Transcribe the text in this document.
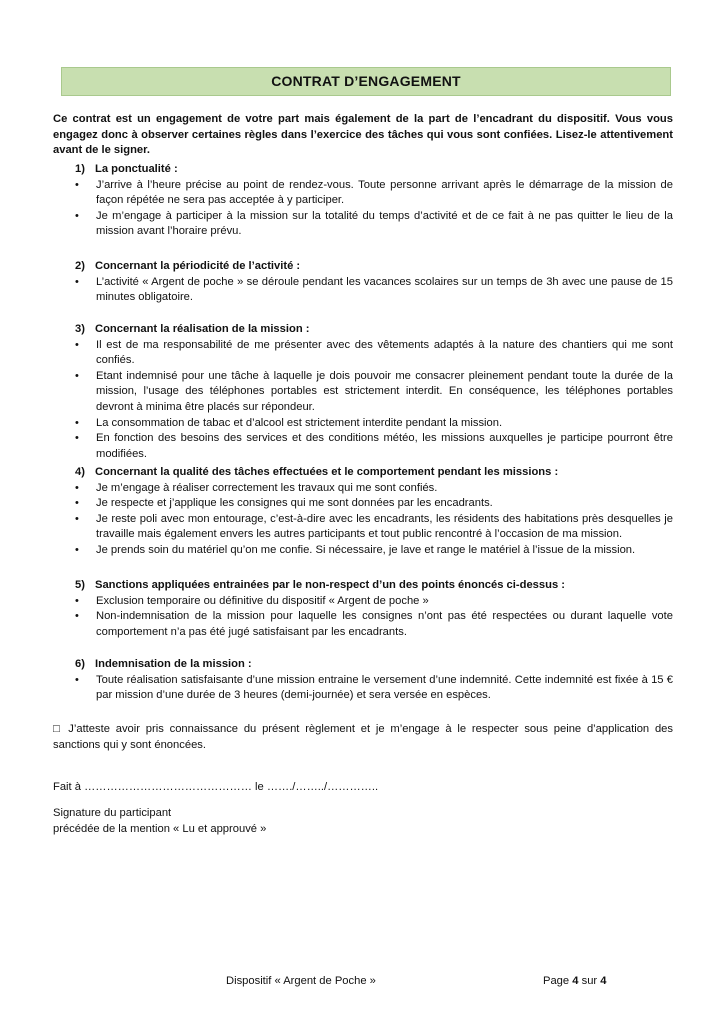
CONTRAT D’ENGAGEMENT

Ce contrat est un engagement de votre part mais également de la part de l’encadrant du dispositif. Vous vous engagez donc à observer certaines règles dans l’exercice des tâches qui vous sont confiées. Lisez-le attentivement avant de le signer.

1) La ponctualité :
•	J’arrive à l’heure précise au point de rendez-vous. Toute personne arrivant après le démarrage de la mission de façon répétée ne sera pas acceptée à y participer.
•	Je m’engage à participer à la mission sur la totalité du temps d’activité et de ce fait à ne pas quitter le lieu de la mission avant l’horaire prévu.
2) Concernant la périodicité de l’activité :
•	L’activité « Argent de poche » se déroule pendant les vacances scolaires sur un temps de 3h avec une pause de 15 minutes obligatoire.
3) Concernant la réalisation de la mission :
•	Il est de ma responsabilité de me présenter avec des vêtements adaptés à la nature des chantiers qui me sont confiés.
•	Etant indemnisé pour une tâche à laquelle je dois pouvoir me consacrer pleinement pendant toute la durée de la mission, l’usage des téléphones portables est strictement interdit. En conséquence, les téléphones portables devront à minima être placés sur répondeur.
•	La consommation de tabac et d’alcool est strictement interdite pendant la mission.
•	En fonction des besoins des services et des conditions météo, les missions auxquelles je participe pourront être modifiées.
4) Concernant la qualité des tâches effectuées et le comportement pendant les missions :
•	Je m’engage à réaliser correctement les travaux qui me sont confiés.
•	Je respecte et j’applique les consignes qui me sont données par les encadrants.
•	Je reste poli avec mon entourage, c’est-à-dire avec les encadrants, les résidents des habitations près desquelles je travaille mais également envers les autres participants et tout public rencontré à l’occasion de ma mission.
•	Je prends soin du matériel qu’on me confie. Si nécessaire, je lave et range le matériel à l’issue de la mission.
5) Sanctions appliquées entrainées par le non-respect d’un des points énoncés ci-dessus :
•	Exclusion temporaire ou définitive du dispositif « Argent de poche »
•	Non-indemnisation de la mission pour laquelle les consignes n’ont pas été respectées ou durant laquelle vote comportement n’a pas été jugé satisfaisant par les encadrants.
6) Indemnisation de la mission :
•	Toute réalisation satisfaisante d’une mission entraine le versement d’une indemnité. Cette indemnité est fixée à 15 € par mission d’une durée de 3 heures (demi-journée) et sera versée en espèces.

□ J’atteste avoir pris connaissance du présent règlement et je m’engage à le respecter sous peine d’application des sanctions qui y sont énoncées.

Fait à ……………………………………… le ……./……../…………..

Signature du participant

précédée de la mention « Lu et approuvé »

Dispositif « Argent de Poche »	Page 4 sur 4
